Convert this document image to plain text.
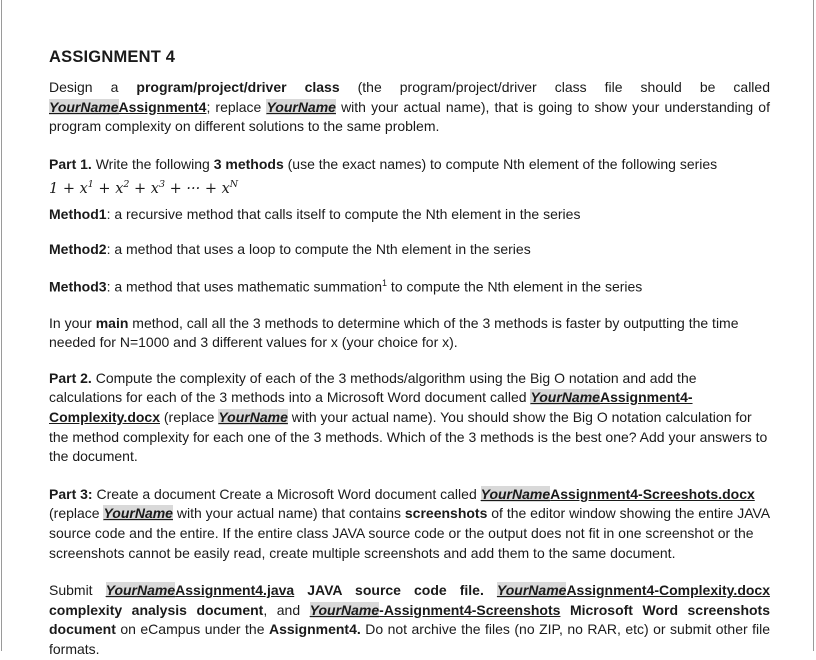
ASSIGNMENT 4

Design a program/project/driver class (the program/project/driver class file should be called YourNameAssignment4; replace YourName with your actual name), that is going to show your understanding of program complexity on different solutions to the same problem.

Part 1. Write the following 3 methods (use the exact names) to compute Nth element of the following series

$1 + x^1 + x^2 + x^3$ + ··· + $x^N$

Method1: a recursive method that calls itself to compute the Nth element in the series

Method2: a method that uses a loop to compute the Nth element in the series

Method3: a method that uses mathematic summation$^1$ to compute the Nth element in the series

In your main method, call all the 3 methods to determine which of the 3 methods is faster by outputting the time needed for N=1000 and 3 different values for x (your choice for x).

Part 2. Compute the complexity of each of the 3 methods/algorithm using the Big O notation and add the calculations for each of the 3 methods into a Microsoft Word document called YourNameAssignment4-Complexity.docx (replace YourName with your actual name). You should show the Big O notation calculation for the method complexity for each one of the 3 methods. Which of the 3 methods is the best one? Add your answers to the document.

Part 3: Create a document Create a Microsoft Word document called YourNameAssignment4-Screeshots.docx (replace YourName with your actual name) that contains screenshots of the editor window showing the entire JAVA source code and the entire. If the entire class JAVA source code or the output does not fit in one screenshot or the screenshots cannot be easily read, create multiple screenshots and add them to the same document.

Submit YourNameAssignment4.java JAVA source code file. YourNameAssignment4-Complexity.docx complexity analysis document, and YourName-Assignment4-Screenshots Microsoft Word screenshots document on eCampus under the Assignment4. Do not archive the files (no ZIP, no RAR, etc) or submit other file formats.
